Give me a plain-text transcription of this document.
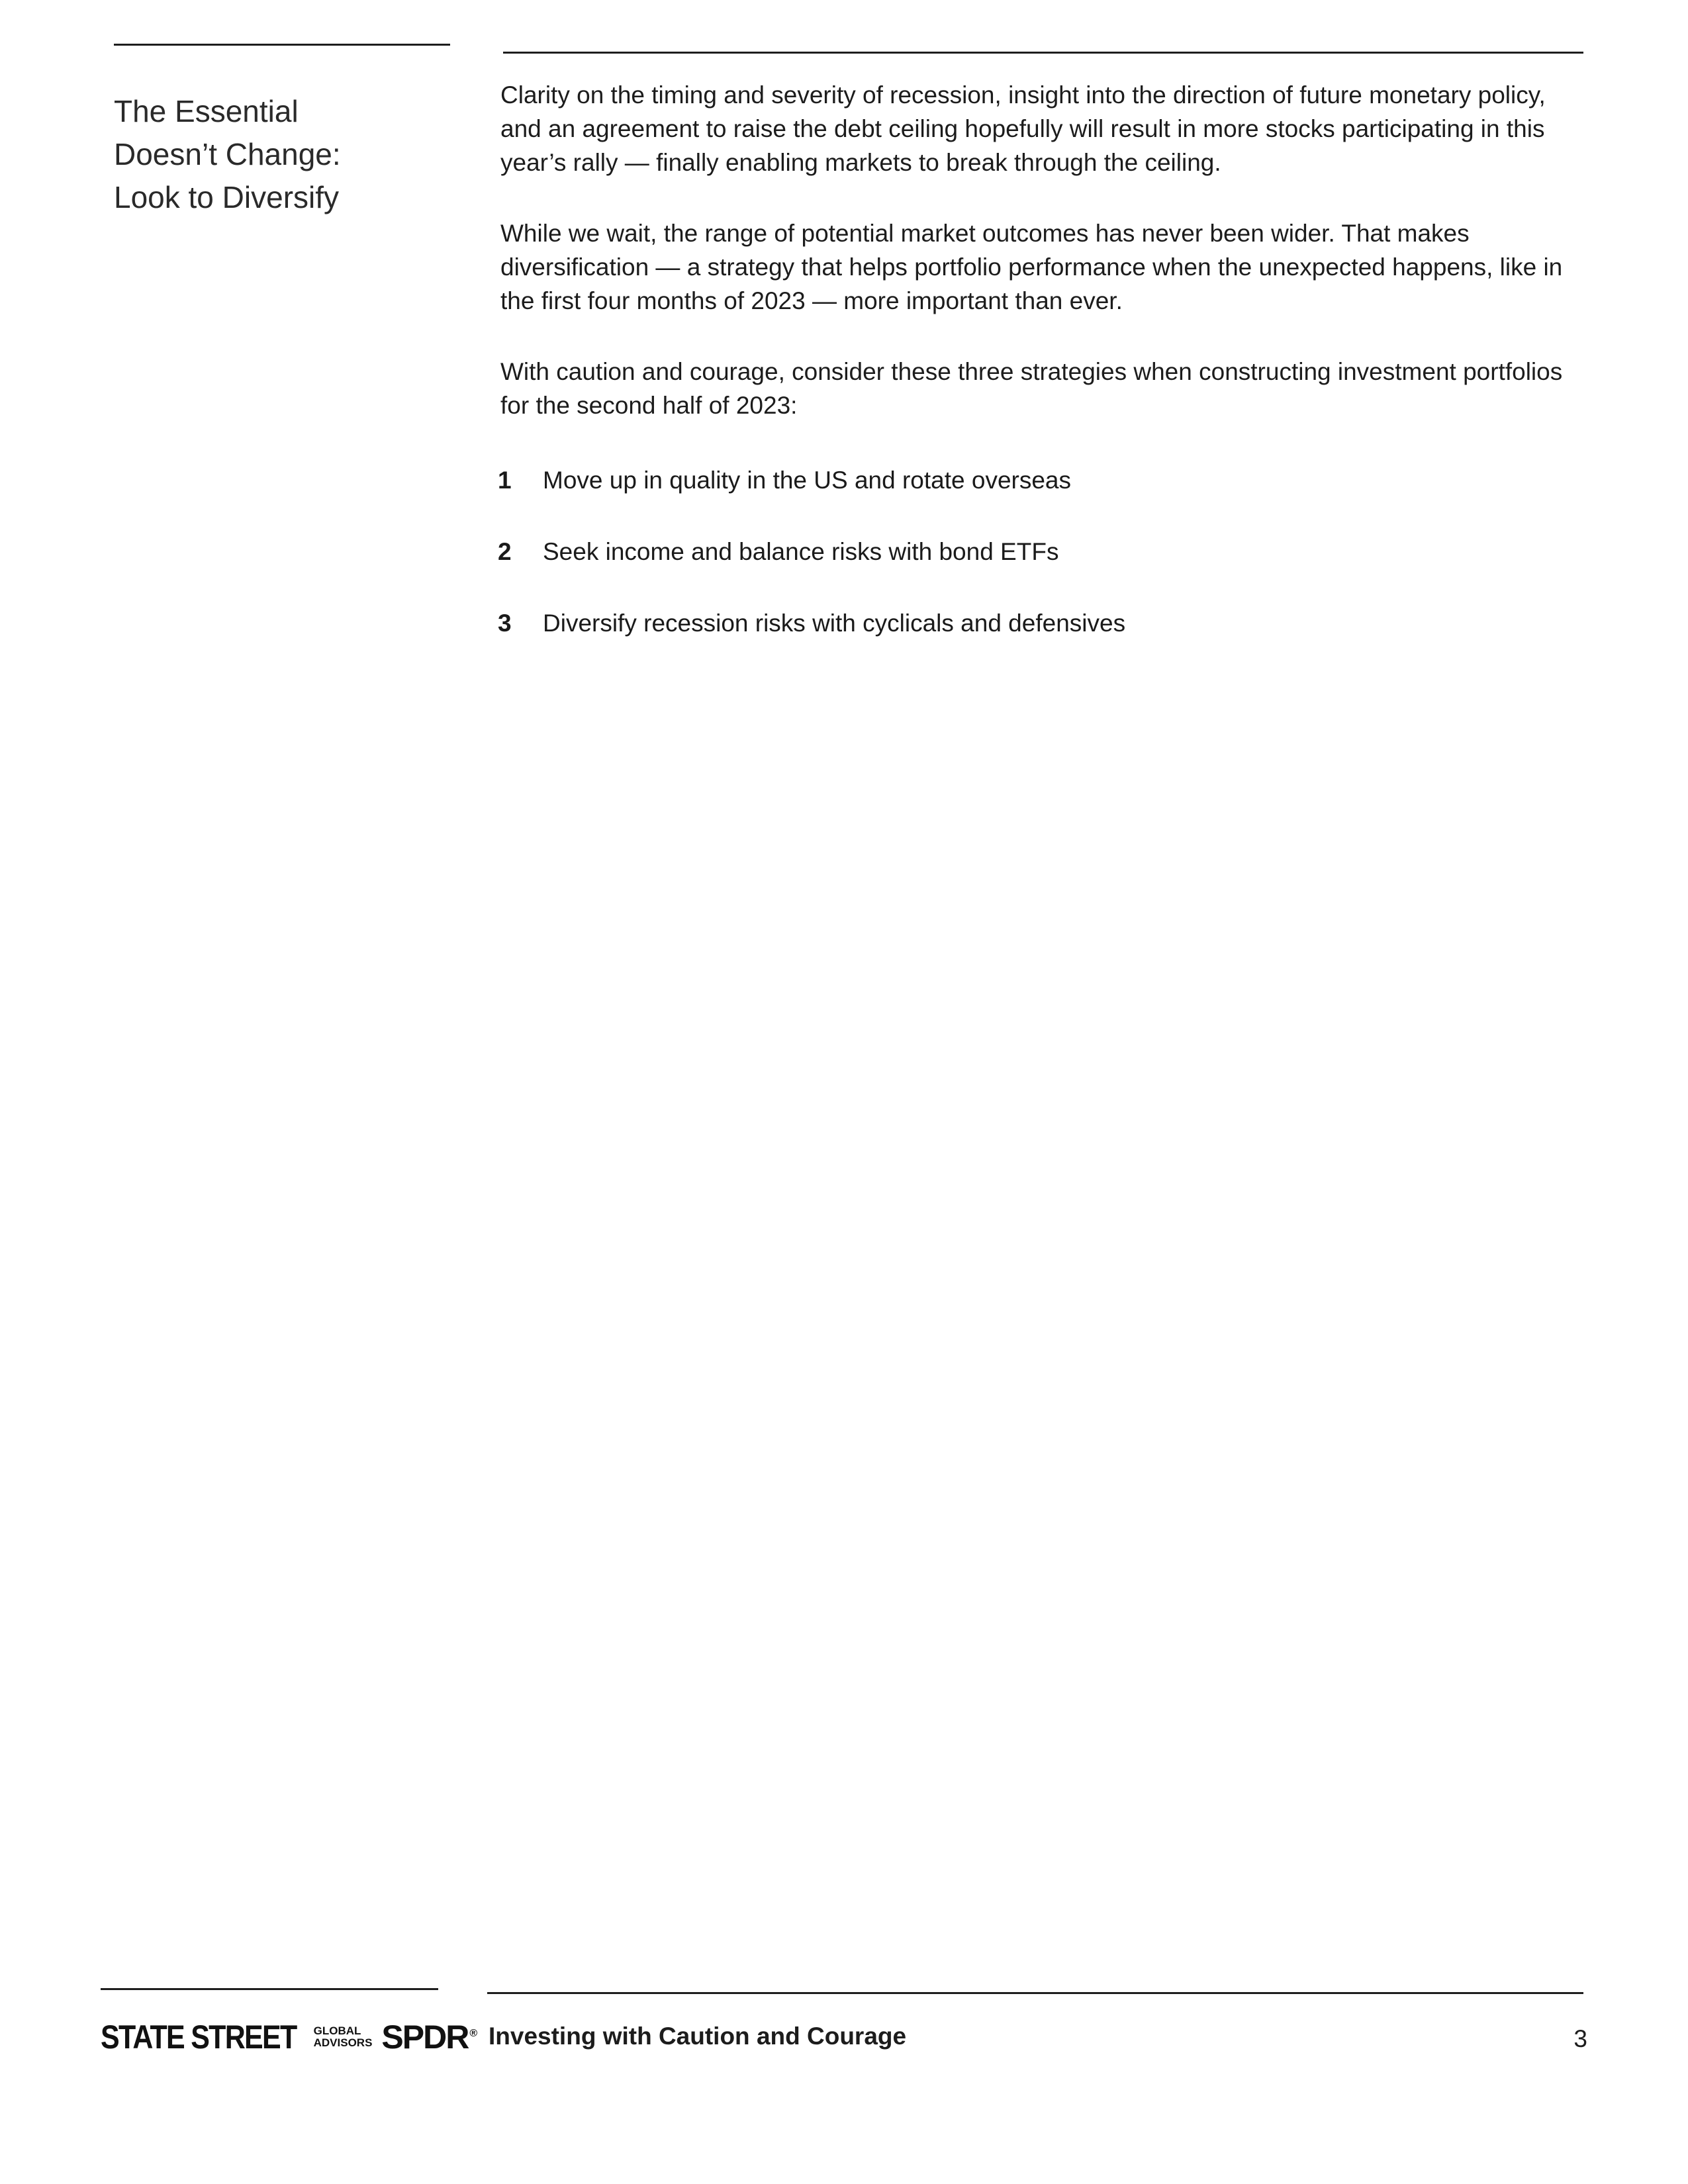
The Essential
Doesn’t Change:
Look to Diversify

Clarity on the timing and severity of recession, insight into the direction of future monetary policy, and an agreement to raise the debt ceiling hopefully will result in more stocks participating in this year’s rally — finally enabling markets to break through the ceiling.

While we wait, the range of potential market outcomes has never been wider. That makes diversification — a strategy that helps portfolio performance when the unexpected happens, like in the first four months of 2023 — more important than ever.

With caution and courage, consider these three strategies when constructing investment portfolios for the second half of 2023:

1	Move up in quality in the US and rotate overseas
2	Seek income and balance risks with bond ETFs
3	Diversify recession risks with cyclicals and defensives
STATE STREET GLOBAL
ADVISORS SPDR ® Investing with Caution and Courage	3
